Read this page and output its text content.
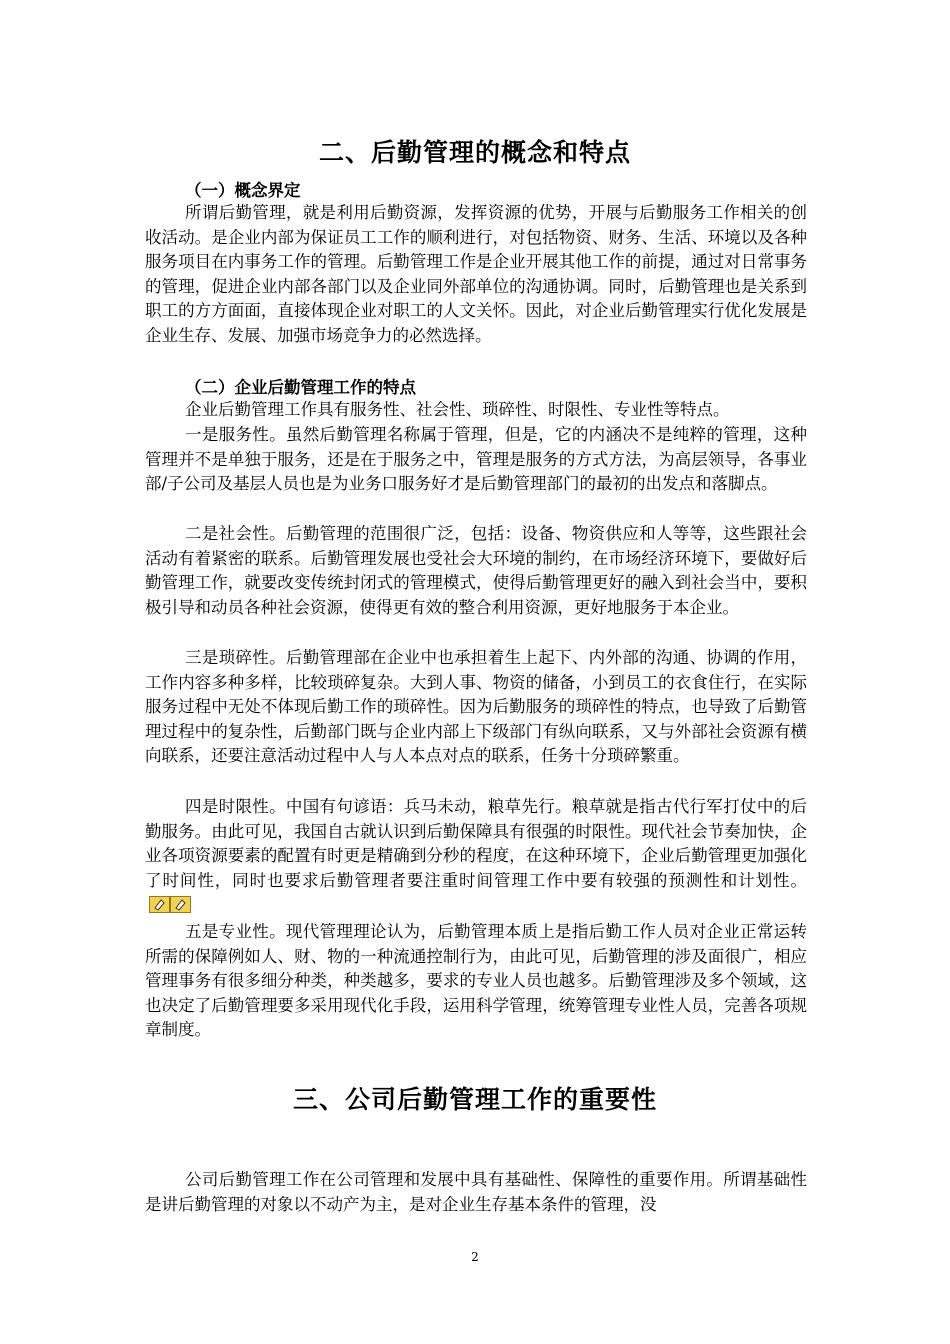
二、后勤管理的概念和特点
（一）概念界定

所谓后勤管理，就是利用后勤资源，发挥资源的优势，开展与后勤服务工作相关的创收活动。是企业内部为保证员工工作的顺利进行，对包括物资、财务、生活、环境以及各种服务项目在内事务工作的管理。后勤管理工作是企业开展其他工作的前提，通过对日常事务的管理，促进企业内部各部门以及企业同外部单位的沟通协调。同时，后勤管理也是关系到职工的方方面面，直接体现企业对职工的人文关怀。因此，对企业后勤管理实行优化发展是企业生存、发展、加强市场竞争力的必然选择。

（二）企业后勤管理工作的特点

企业后勤管理工作具有服务性、社会性、琐碎性、时限性、专业性等特点。

一是服务性。虽然后勤管理名称属于管理，但是，它的内涵决不是纯粹的管理，这种管理并不是单独于服务，还是在于服务之中，管理是服务的方式方法，为高层领导，各事业部/子公司及基层人员也是为业务口服务好才是后勤管理部门的最初的出发点和落脚点。

二是社会性。后勤管理的范围很广泛，包括：设备、物资供应和人等等，这些跟社会活动有着紧密的联系。后勤管理发展也受社会大环境的制约，在市场经济环境下，要做好后勤管理工作，就要改变传统封闭式的管理模式，使得后勤管理更好的融入到社会当中，要积极引导和动员各种社会资源，使得更有效的整合利用资源，更好地服务于本企业。

三是琐碎性。后勤管理部在企业中也承担着生上起下、内外部的沟通、协调的作用，工作内容多种多样，比较琐碎复杂。大到人事、物资的储备，小到员工的衣食住行，在实际服务过程中无处不体现后勤工作的琐碎性。因为后勤服务的琐碎性的特点，也导致了后勤管理过程中的复杂性，后勤部门既与企业内部上下级部门有纵向联系，又与外部社会资源有横向联系，还要注意活动过程中人与人本点对点的联系，任务十分琐碎繁重。

四是时限性。中国有句谚语：兵马未动，粮草先行。粮草就是指古代行军打仗中的后勤服务。由此可见，我国自古就认识到后勤保障具有很强的时限性。现代社会节奏加快，企业各项资源要素的配置有时更是精确到分秒的程度，在这种环境下，企业后勤管理更加强化了时间性，同时也要求后勤管理者要注重时间管理工作中要有较强的预测性和计划性。

五是专业性。现代管理理论认为，后勤管理本质上是指后勤工作人员对企业正常运转所需的保障例如人、财、物的一种流通控制行为，由此可见，后勤管理的涉及面很广，相应管理事务有很多细分种类，种类越多，要求的专业人员也越多。后勤管理涉及多个领域，这也决定了后勤管理要多采用现代化手段，运用科学管理，统筹管理专业性人员，完善各项规章制度。

三、公司后勤管理工作的重要性

公司后勤管理工作在公司管理和发展中具有基础性、保障性的重要作用。所谓基础性是讲后勤管理的对象以不动产为主，是对企业生存基本条件的管理，没

2
